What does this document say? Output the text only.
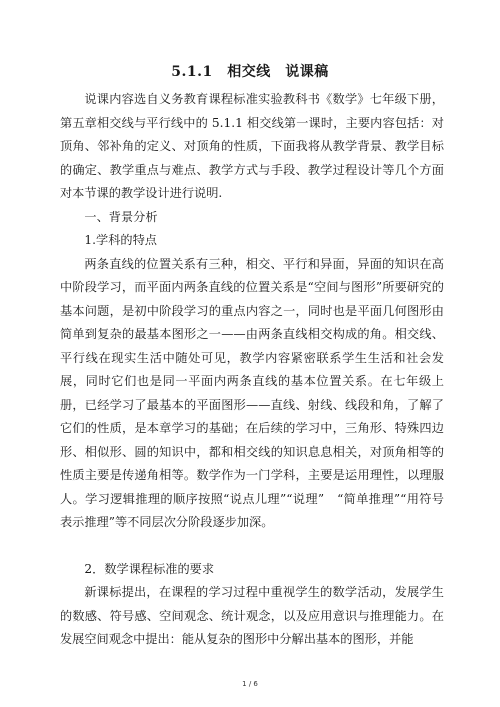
5.1.1　相交线　说课稿

说课内容选自义务教育课程标准实验教科书《数学》七年级下册，第五章相交线与平行线中的 5.1.1 相交线第一课时，主要内容包括：对顶角、邻补角的定义、对顶角的性质，下面我将从教学背景、教学目标的确定、教学重点与难点、教学方式与手段、教学过程设计等几个方面对本节课的教学设计进行说明.

一、背景分析

1.学科的特点

两条直线的位置关系有三种，相交、平行和异面，异面的知识在高中阶段学习，而平面内两条直线的位置关系是“空间与图形”所要研究的基本问题，是初中阶段学习的重点内容之一，同时也是平面几何图形由简单到复杂的最基本图形之一——由两条直线相交构成的角。相交线、平行线在现实生活中随处可见，教学内容紧密联系学生生活和社会发展，同时它们也是同一平面内两条直线的基本位置关系。在七年级上册，已经学习了最基本的平面图形——直线、射线、线段和角，了解了它们的性质，是本章学习的基础；在后续的学习中，三角形、特殊四边形、相似形、圆的知识中，都和相交线的知识息息相关，对顶角相等的性质主要是传递角相等。数学作为一门学科，主要是运用理性，以理服人。学习逻辑推理的顺序按照“说点儿理”“说理”　“简单推理”“用符号表示推理”等不同层次分阶段逐步加深。

2．数学课程标准的要求

新课标提出，在课程的学习过程中重视学生的数学活动，发展学生的数感、符号感、空间观念、统计观念，以及应用意识与推理能力。在发展空间观念中提出：能从复杂的图形中分解出基本的图形，并能

1 / 6
